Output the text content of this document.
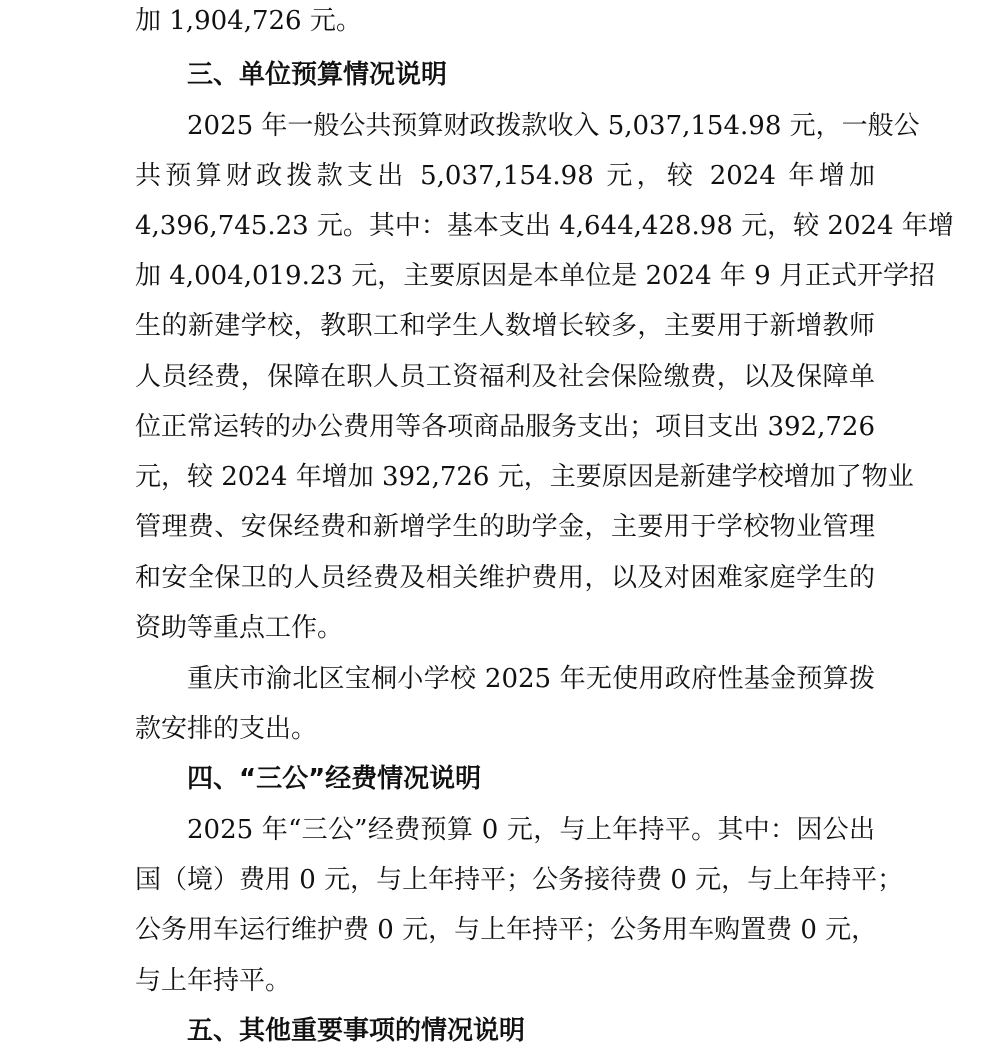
加 1,904,726 元。
三、单位预算情况说明
2025 年一般公共预算财政拨款收入 5,037,154.98 元，一般公
共预算财政拨款支出 5,037,154.98 元，较 2024 年增加
4,396,745.23 元。其中：基本支出 4,644,428.98 元，较 2024 年增
加 4,004,019.23 元，主要原因是本单位是 2024 年 9 月正式开学招
生的新建学校，教职工和学生人数增长较多，主要用于新增教师
人员经费，保障在职人员工资福利及社会保险缴费，以及保障单
位正常运转的办公费用等各项商品服务支出；项目支出 392,726
元，较 2024 年增加 392,726 元，主要原因是新建学校增加了物业
管理费、安保经费和新增学生的助学金，主要用于学校物业管理
和安全保卫的人员经费及相关维护费用，以及对困难家庭学生的
资助等重点工作。
重庆市渝北区宝桐小学校 2025 年无使用政府性基金预算拨
款安排的支出。
四、“三公”经费情况说明
2025 年“三公”经费预算 0 元，与上年持平。其中：因公出
国（境）费用 0 元，与上年持平；公务接待费 0 元，与上年持平；
公务用车运行维护费 0 元，与上年持平；公务用车购置费 0 元，
与上年持平。
五、其他重要事项的情况说明
